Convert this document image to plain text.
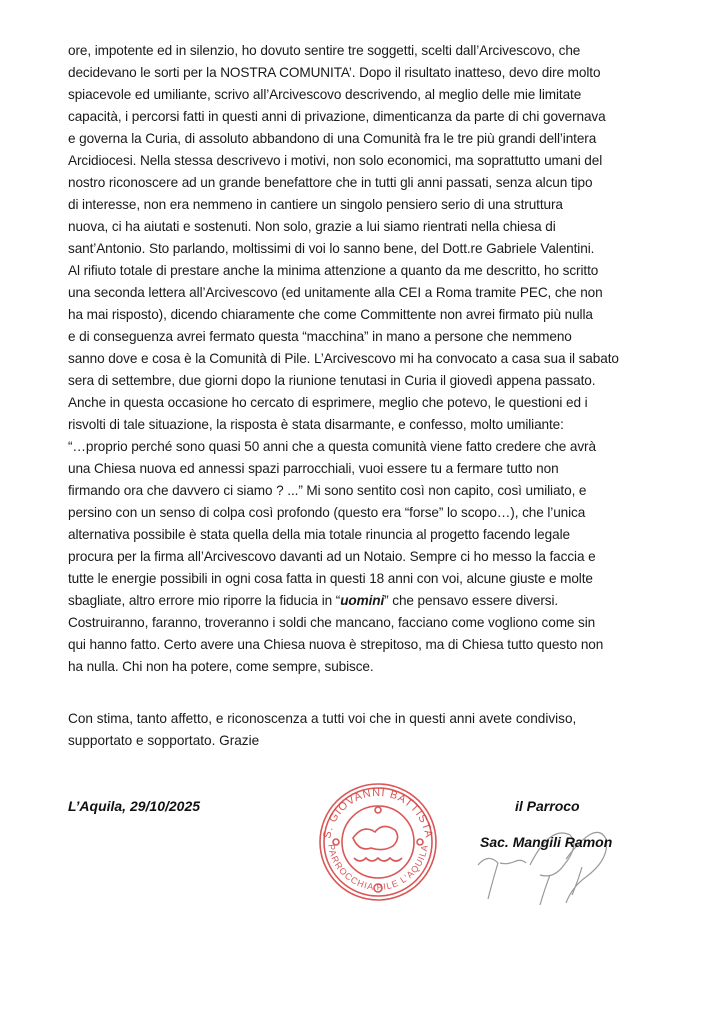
ore, impotente ed in silenzio, ho dovuto sentire tre soggetti, scelti dall’Arcivescovo, che
decidevano le sorti per la NOSTRA COMUNITA’. Dopo il risultato inatteso, devo dire molto
spiacevole ed umiliante, scrivo all’Arcivescovo descrivendo, al meglio delle mie limitate
capacità, i percorsi fatti in questi anni di privazione, dimenticanza da parte di chi governava
e governa la Curia, di assoluto abbandono di una Comunità fra le tre più grandi dell’intera
Arcidiocesi. Nella stessa descrivevo i motivi, non solo economici, ma soprattutto umani del
nostro riconoscere ad un grande benefattore che in tutti gli anni passati, senza alcun tipo
di interesse, non era nemmeno in cantiere un singolo pensiero serio di una struttura
nuova, ci ha aiutati e sostenuti. Non solo, grazie a lui siamo rientrati nella chiesa di
sant’Antonio. Sto parlando, moltissimi di voi lo sanno bene, del Dott.re Gabriele Valentini.
Al rifiuto totale di prestare anche la minima attenzione a quanto da me descritto, ho scritto
una seconda lettera all’Arcivescovo (ed unitamente alla CEI a Roma tramite PEC, che non
ha mai risposto), dicendo chiaramente che come Committente non avrei firmato più nulla
e di conseguenza avrei fermato questa “macchina” in mano a persone che nemmeno
sanno dove e cosa è la Comunità di Pile. L’Arcivescovo mi ha convocato a casa sua il sabato
sera di settembre, due giorni dopo la riunione tenutasi in Curia il giovedì appena passato.
Anche in questa occasione ho cercato di esprimere, meglio che potevo, le questioni ed i
risvolti di tale situazione, la risposta è stata disarmante, e confesso, molto umiliante:
“…proprio perché sono quasi 50 anni che a questa comunità viene fatto credere che avrà
una Chiesa nuova ed annessi spazi parrocchiali, vuoi essere tu a fermare tutto non
firmando ora che davvero ci siamo ? ...” Mi sono sentito così non capito, così umiliato, e
persino con un senso di colpa così profondo (questo era “forse” lo scopo…), che l’unica
alternativa possibile è stata quella della mia totale rinuncia al progetto facendo legale
procura per la firma all’Arcivescovo davanti ad un Notaio. Sempre ci ho messo la faccia e
tutte le energie possibili in ogni cosa fatta in questi 18 anni con voi, alcune giuste e molte
sbagliate, altro errore mio riporre la fiducia in “uomini” che pensavo essere diversi.
Costruiranno, faranno, troveranno i soldi che mancano, facciano come vogliono come sin
qui hanno fatto. Certo avere una Chiesa nuova è strepitoso, ma di Chiesa tutto questo non
ha nulla. Chi non ha potere, come sempre, subisce.
Con stima, tanto affetto, e riconoscenza a tutti voi che in questi anni avete condiviso,
supportato e sopportato. Grazie
L’Aquila, 29/10/2025
S. GIOVANNI BATTISTA
PARROCCHIA PILE L'AQUILA
il Parroco
Sac. Mangili Ramon
